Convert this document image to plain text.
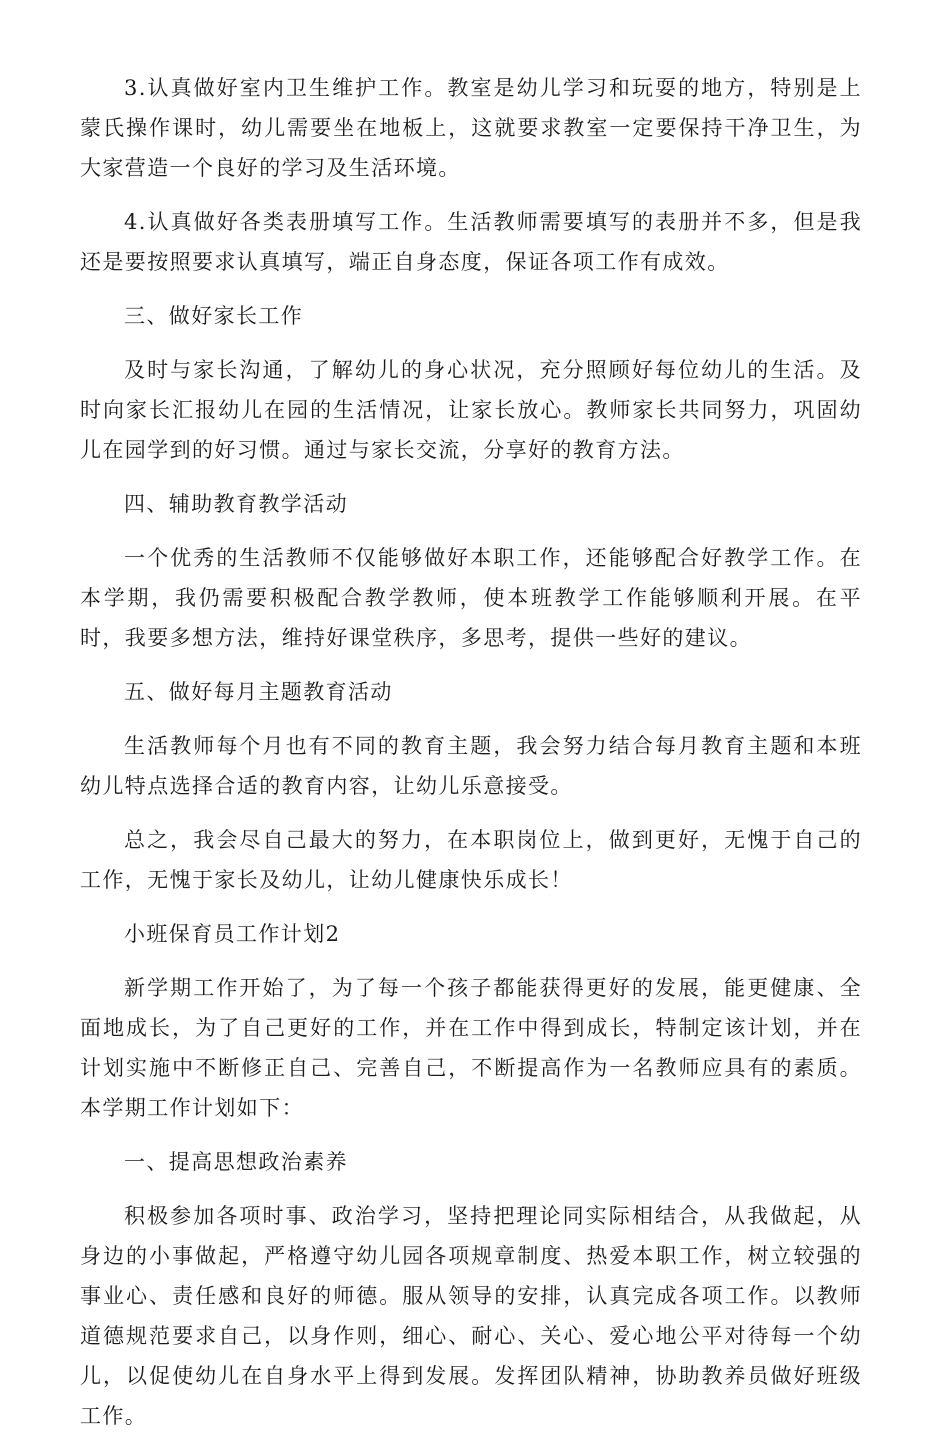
3.认真做好室内卫生维护工作。教室是幼儿学习和玩耍的地方，特别是上蒙氏操作课时，幼儿需要坐在地板上，这就要求教室一定要保持干净卫生，为大家营造一个良好的学习及生活环境。

4.认真做好各类表册填写工作。生活教师需要填写的表册并不多，但是我还是要按照要求认真填写，端正自身态度，保证各项工作有成效。

三、做好家长工作

及时与家长沟通，了解幼儿的身心状况，充分照顾好每位幼儿的生活。及时向家长汇报幼儿在园的生活情况，让家长放心。教师家长共同努力，巩固幼儿在园学到的好习惯。通过与家长交流，分享好的教育方法。

四、辅助教育教学活动

一个优秀的生活教师不仅能够做好本职工作，还能够配合好教学工作。在本学期，我仍需要积极配合教学教师，使本班教学工作能够顺利开展。在平时，我要多想方法，维持好课堂秩序，多思考，提供一些好的建议。

五、做好每月主题教育活动

生活教师每个月也有不同的教育主题，我会努力结合每月教育主题和本班幼儿特点选择合适的教育内容，让幼儿乐意接受。

总之，我会尽自己最大的努力，在本职岗位上，做到更好，无愧于自己的工作，无愧于家长及幼儿，让幼儿健康快乐成长！

小班保育员工作计划2

新学期工作开始了，为了每一个孩子都能获得更好的发展，能更健康、全面地成长，为了自己更好的工作，并在工作中得到成长，特制定该计划，并在计划实施中不断修正自己、完善自己，不断提高作为一名教师应具有的素质。本学期工作计划如下：

一、提高思想政治素养

积极参加各项时事、政治学习，坚持把理论同实际相结合，从我做起，从身边的小事做起，严格遵守幼儿园各项规章制度、热爱本职工作，树立较强的事业心、责任感和良好的师德。服从领导的安排，认真完成各项工作。以教师道德规范要求自己，以身作则，细心、耐心、关心、爱心地公平对待每一个幼儿，以促使幼儿在自身水平上得到发展。发挥团队精神，协助教养员做好班级工作。
